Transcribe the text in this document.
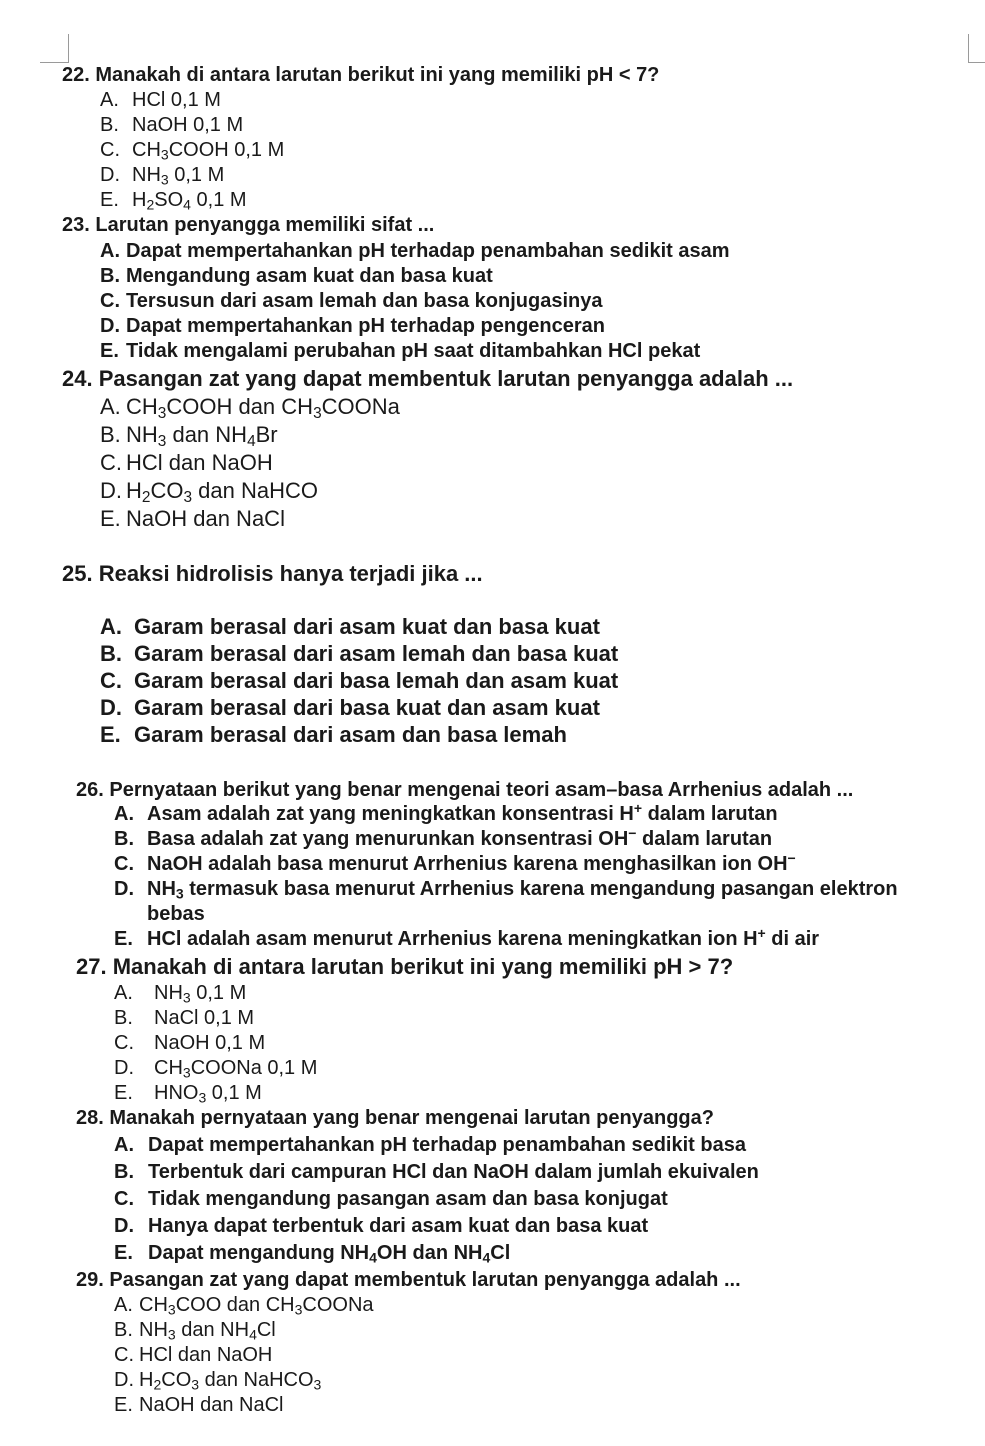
22. Manakah di antara larutan berikut ini yang memiliki pH < 7?
A. HCl 0,1 M
B. NaOH 0,1 M
C. $CH_3COOH$ 0,1 M
D. $NH_3$ 0,1 M
E. $H_2SO_4$ 0,1 M
23. Larutan penyangga memiliki sifat ...
A. Dapat mempertahankan pH terhadap penambahan sedikit asam
B. Mengandung asam kuat dan basa kuat
C. Tersusun dari asam lemah dan basa konjugasinya
D. Dapat mempertahankan pH terhadap pengenceran
E. Tidak mengalami perubahan pH saat ditambahkan HCl pekat
24. Pasangan zat yang dapat membentuk larutan penyangga adalah ...
A. $CH_3COOH$ dan $CH_3COONa$
B. $NH_3$ dan $NH_4Br$
C. HCl dan NaOH
D. $H_2CO_3$ dan NaHCO
E. NaOH dan NaCl
25. Reaksi hidrolisis hanya terjadi jika ...
A. Garam berasal dari asam kuat dan basa kuat
B. Garam berasal dari asam lemah dan basa kuat
C. Garam berasal dari basa lemah dan asam kuat
D. Garam berasal dari basa kuat dan asam kuat
E. Garam berasal dari asam dan basa lemah
26. Pernyataan berikut yang benar mengenai teori asam–basa Arrhenius adalah ...
A. Asam adalah zat yang meningkatkan konsentrasi H+ dalam larutan
B. Basa adalah zat yang menurunkan konsentrasi OH− dalam larutan
C. NaOH adalah basa menurut Arrhenius karena menghasilkan ion OH−
D. $NH_3$ termasuk basa menurut Arrhenius karena mengandung pasangan elektron
bebas
E. HCl adalah asam menurut Arrhenius karena meningkatkan ion H+ di air
27. Manakah di antara larutan berikut ini yang memiliki pH > 7?
A. $NH_3$ 0,1 M
B. NaCl 0,1 M
C. NaOH 0,1 M
D. $CH_3COONa$ 0,1 M
E. $HNO_3$ 0,1 M
28. Manakah pernyataan yang benar mengenai larutan penyangga?
A. Dapat mempertahankan pH terhadap penambahan sedikit basa
B. Terbentuk dari campuran HCl dan NaOH dalam jumlah ekuivalen
C. Tidak mengandung pasangan asam dan basa konjugat
D. Hanya dapat terbentuk dari asam kuat dan basa kuat
E. Dapat mengandung $NH_4OH$ dan $NH_4Cl$
29. Pasangan zat yang dapat membentuk larutan penyangga adalah ...
A. $CH_3COO$ dan $CH_3COONa$
B. $NH_3$ dan $NH_4Cl$
C. HCl dan NaOH
D. $H_2CO_3$ dan NaHCO$_3$
E. NaOH dan NaCl
